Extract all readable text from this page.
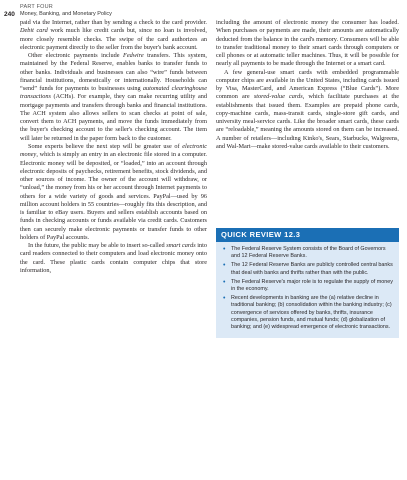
240
PART FOUR
Money, Banking, and Monetary Policy

paid via the Internet, rather than by sending a check to the card provider. Debit card work much like credit cards but, since no loan is involved, more closely resemble checks. The swipe of the card authorizes an electronic payment directly to the seller from the buyer's bank account.

Other electronic payments include Fedwire transfers. This system, maintained by the Federal Reserve, enables banks to transfer funds to other banks. Individuals and businesses can also “wire” funds between financial institutions, domestically or internationally. Households can “send” funds for payments to businesses using automated clearinghouse transactions (ACHs). For example, they can make recurring utility and mortgage payments and transfers through banks and financial institutions. The ACH system also allows sellers to scan checks at point of sale, convert them to ACH payments, and move the funds immediately from the buyer's checking account to the seller's checking account. The item will later be returned in the paper form back to the customer.

Some experts believe the next step will be greater use of electronic money, which is simply an entry in an electronic file stored in a computer. Electronic money will be deposited, or “loaded,” into an account through electronic deposits of paychecks, retirement benefits, stock dividends, and other sources of income. The owner of the account will withdraw, or “unload,” the money from his or her account through Internet payments to others for a wide variety of goods and services. PayPal—used by 96 million account holders in 55 countries—roughly fits this description, and is familiar to eBay users. Buyers and sellers establish accounts based on funds in checking accounts or funds available via credit cards. Customers then can securely make electronic payments or transfer funds to other holders of PayPal accounts.

In the future, the public may be able to insert so-called smart cards into card readers connected to their computers and load electronic money onto the card. These plastic cards contain computer chips that store information,

including the amount of electronic money the consumer has loaded. When purchases or payments are made, their amounts are automatically deducted from the balance in the card's memory. Consumers will be able to transfer traditional money to their smart cards through computers or cell phones or at automatic teller machines. Thus, it will be possible for nearly all payments to be made through the Internet or a smart card.

A few general-use smart cards with embedded programmable computer chips are available in the United States, including cards issued by Visa, MasterCard, and American Express (“Blue Cards”). More common are stored-value cards, which facilitate purchases at the establishments that issued them. Examples are prepaid phone cards, copy-machine cards, mass-transit cards, single-store gift cards, and university meal-service cards. Like the broader smart cards, these cards are “reloadable,” meaning the amounts stored on them can be increased. A number of retailers—including Kinko's, Sears, Starbucks, Walgreens, and Wal-Mart—make stored-value cards available to their customers.

QUICK REVIEW 12.3
• The Federal Reserve System consists of the Board of Governors and 12 Federal Reserve Banks.
• The 12 Federal Reserve Banks are publicly controlled central banks that deal with banks and thrifts rather than with the public.
• The Federal Reserve's major role is to regulate the supply of money in the economy.
• Recent developments in banking are the (a) relative decline in traditional banking; (b) consolidation within the banking industry; (c) convergence of services offered by banks, thrifts, insurance companies, pension funds, and mutual funds; (d) globalization of banking; and (e) widespread emergence of electronic transactions.
